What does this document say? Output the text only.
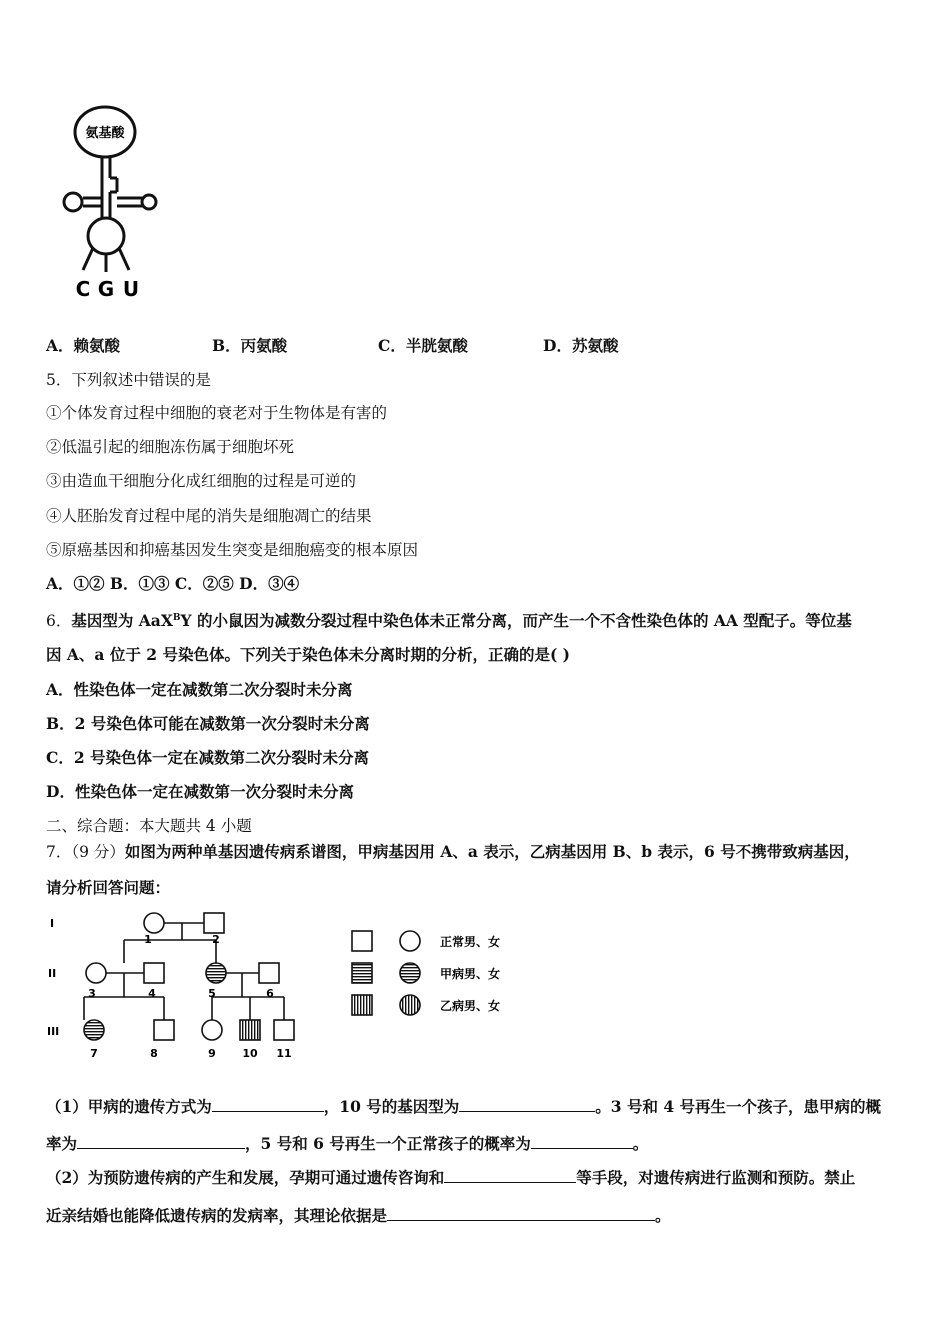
氨基酸
C G U
A．赖氨酸	B．丙氨酸	C．半胱氨酸	D．苏氨酸
5．下列叙述中错误的是
①个体发育过程中细胞的衰老对于生物体是有害的
②低温引起的细胞冻伤属于细胞坏死
③由造血干细胞分化成红细胞的过程是可逆的
④人胚胎发育过程中尾的消失是细胞凋亡的结果
⑤原癌基因和抑癌基因发生突变是细胞癌变的根本原因
A．①② B．①③ C．②⑤ D．③④
6．基因型为 AaX$^B$Y 的小鼠因为减数分裂过程中染色体未正常分离，而产生一个不含性染色体的 AA 型配子。等位基
因 A、a 位于 2 号染色体。下列关于染色体未分离时期的分析，正确的是( )
A．性染色体一定在减数第二次分裂时未分离
B．2 号染色体可能在减数第一次分裂时未分离
C．2 号染色体一定在减数第二次分裂时未分离
D．性染色体一定在减数第一次分裂时未分离
二、综合题：本大题共 4 小题
7．（9 分）如图为两种单基因遗传病系谱图，甲病基因用 A、a 表示，乙病基因用 B、b 表示，6 号不携带致病基因，
请分析回答问题：
I
II
III
1	2
3	4	5	6
7	8	9 10 11
正常男、女
甲病男、女
乙病男、女
（1）甲病的遗传方式为	，10 号的基因型为	。3 号和 4 号再生一个孩子，患甲病的概
率为	，5 号和 6 号再生一个正常孩子的概率为	。
（2）为预防遗传病的产生和发展，孕期可通过遗传咨询和	等手段，对遗传病进行监测和预防。禁止
近亲结婚也能降低遗传病的发病率，其理论依据是	。
